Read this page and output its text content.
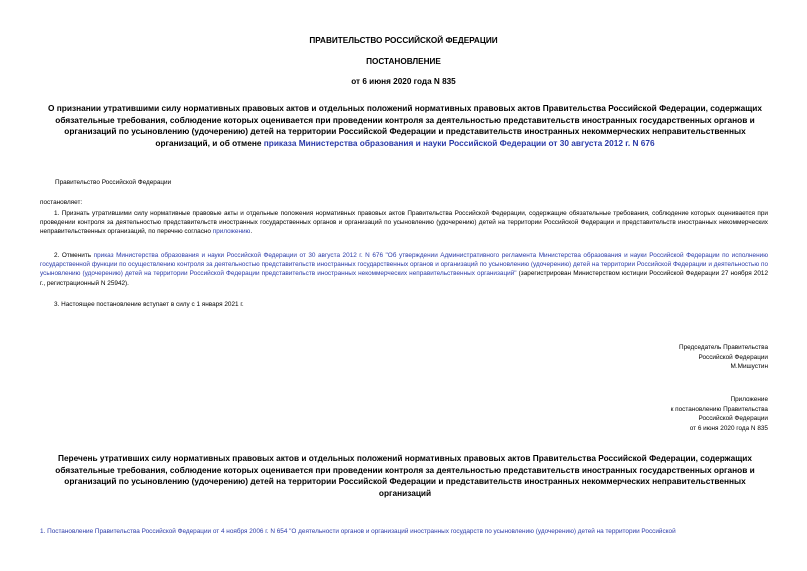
ПРАВИТЕЛЬСТВО РОССИЙСКОЙ ФЕДЕРАЦИИ
ПОСТАНОВЛЕНИЕ
от 6 июня 2020 года N 835
О признании утратившими силу нормативных правовых актов и отдельных положений нормативных правовых актов Правительства Российской Федерации, содержащих обязательные требования, соблюдение которых оценивается при проведении контроля за деятельностью представительств иностранных государственных органов и организаций по усыновлению (удочерению) детей на территории Российской Федерации и представительств иностранных некоммерческих неправительственных организаций, и об отмене приказа Министерства образования и науки Российской Федерации от 30 августа 2012 г. N 676
Правительство Российской Федерации
постановляет:
1. Признать утратившими силу нормативные правовые акты и отдельные положения нормативных правовых актов Правительства Российской Федерации, содержащие обязательные требования, соблюдение которых оценивается при проведении контроля за деятельностью представительств иностранных государственных органов и организаций по усыновлению (удочерению) детей на территории Российской Федерации и представительств иностранных некоммерческих неправительственных организаций, по перечню согласно приложению.
2. Отменить приказ Министерства образования и науки Российской Федерации от 30 августа 2012 г. N 676 "Об утверждении Административного регламента Министерства образования и науки Российской Федерации по исполнению государственной функции по осуществлению контроля за деятельностью представительств иностранных государственных органов и организаций по усыновлению (удочерению) детей на территории Российской Федерации и деятельностью по усыновлению (удочерению) детей на территории Российской Федерации представительств иностранных некоммерческих неправительственных организаций" (зарегистрирован Министерством юстиции Российской Федерации 27 ноября 2012 г., регистрационный N 25942).
3. Настоящее постановление вступает в силу с 1 января 2021 г.
Председатель Правительства
Российской Федерации
М.Мишустин
Приложение
к постановлению Правительства
Российской Федерации
от 6 июня 2020 года N 835
Перечень утративших силу нормативных правовых актов и отдельных положений нормативных правовых актов Правительства Российской Федерации, содержащих обязательные требования, соблюдение которых оценивается при проведении контроля за деятельностью представительств иностранных государственных органов и организаций по усыновлению (удочерению) детей на территории Российской Федерации и представительств иностранных некоммерческих неправительственных организаций
1. Постановление Правительства Российской Федерации от 4 ноября 2006 г. N 654 "О деятельности органов и организаций иностранных государств по усыновлению (удочерению) детей на территории Российской
